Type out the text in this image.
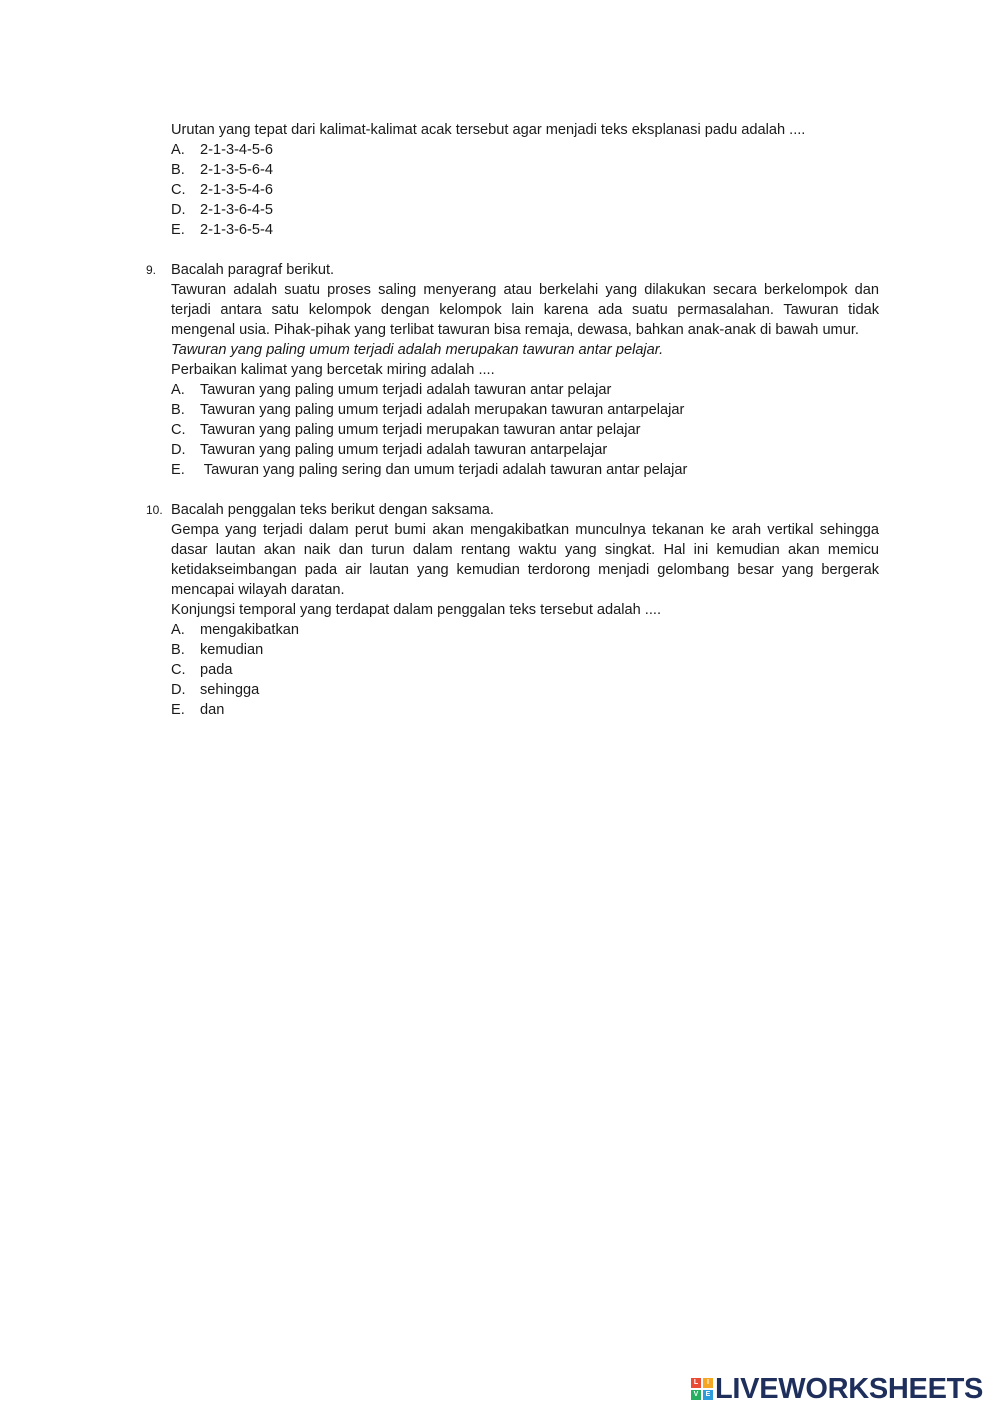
Urutan yang tepat dari kalimat-kalimat acak tersebut agar menjadi teks eksplanasi padu adalah ....
A.	2-1-3-4-5-6
B.	2-1-3-5-6-4
C. 2-1-3-5-4-6
D. 2-1-3-6-4-5
E.	2-1-3-6-5-4
9. Bacalah paragraf berikut.
Tawuran adalah suatu proses saling menyerang atau berkelahi yang dilakukan secara berkelompok dan terjadi antara satu kelompok dengan kelompok lain karena ada suatu permasalahan. Tawuran tidak mengenal usia. Pihak-pihak yang terlibat tawuran bisa remaja, dewasa, bahkan anak-anak di bawah umur.
Tawuran yang paling umum terjadi adalah merupakan tawuran antar pelajar.
Perbaikan kalimat yang bercetak miring adalah ....
A.	Tawuran yang paling umum terjadi adalah tawuran antar pelajar
B.	Tawuran yang paling umum terjadi adalah merupakan tawuran antarpelajar
C. Tawuran yang paling umum terjadi merupakan tawuran antar pelajar
D. Tawuran yang paling umum terjadi adalah tawuran antarpelajar
E.	Tawuran yang paling sering dan umum terjadi adalah tawuran antar pelajar
10. Bacalah penggalan teks berikut dengan saksama.
Gempa yang terjadi dalam perut bumi akan mengakibatkan munculnya tekanan ke arah vertikal sehingga dasar lautan akan naik dan turun dalam rentang waktu yang singkat. Hal ini kemudian akan memicu ketidakseimbangan pada air lautan yang kemudian terdorong menjadi gelombang besar yang bergerak mencapai wilayah daratan.
Konjungsi temporal yang terdapat dalam penggalan teks tersebut adalah ....
A.	mengakibatkan
B.	kemudian
C. pada
D. sehingga
E.	dan
L	I
V	E LIVEWORKSHEETS
